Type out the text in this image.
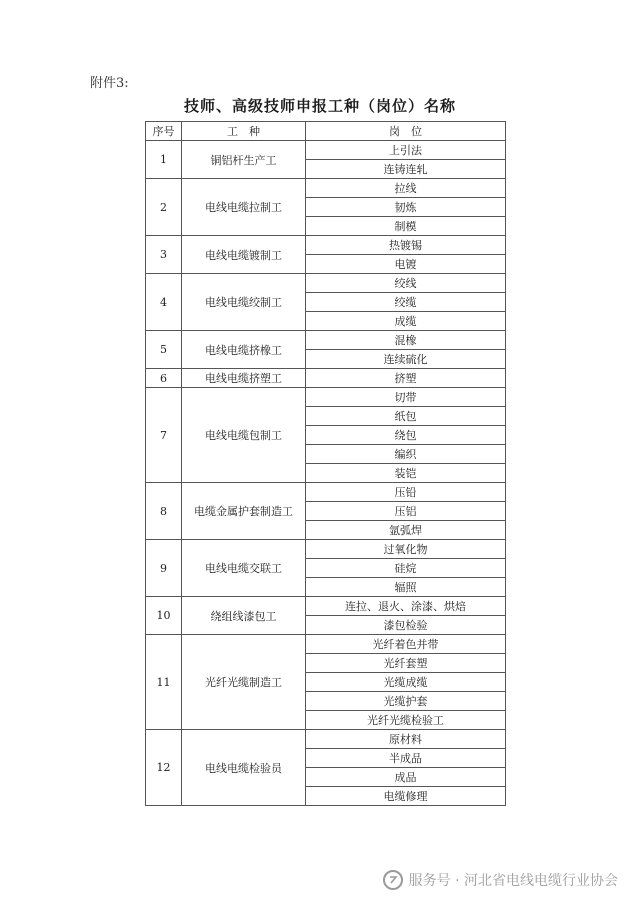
附件3:
技师、高级技师申报工种（岗位）名称
序号	工　种	岗　位
1	铜铝杆生产工	上引法
		连铸连轧
2	电线电缆拉制工	拉线
		韧炼
		制模
3	电线电缆镀制工	热镀锡
		电镀
4	电线电缆绞制工	绞线
		绞缆
		成缆
5	电线电缆挤橡工	混橡
		连续硫化
6	电线电缆挤塑工	挤塑
7	电线电缆包制工	切带
		纸包
		绕包
		编织
		装铠
8	电缆金属护套制造工	压铅
		压铝
		氩弧焊
9	电线电缆交联工	过氧化物
		硅烷
		辐照
10	绕组线漆包工	连拉、退火、涂漆、烘焙
		漆包检验
11	光纤光缆制造工	光纤着色并带
		光纤套塑
		光缆成缆
		光缆护套
		光纤光缆检验工
12	电线电缆检验员	原材料
		半成品
		成品
		电缆修理
服务号 · 河北省电线电缆行业协会
